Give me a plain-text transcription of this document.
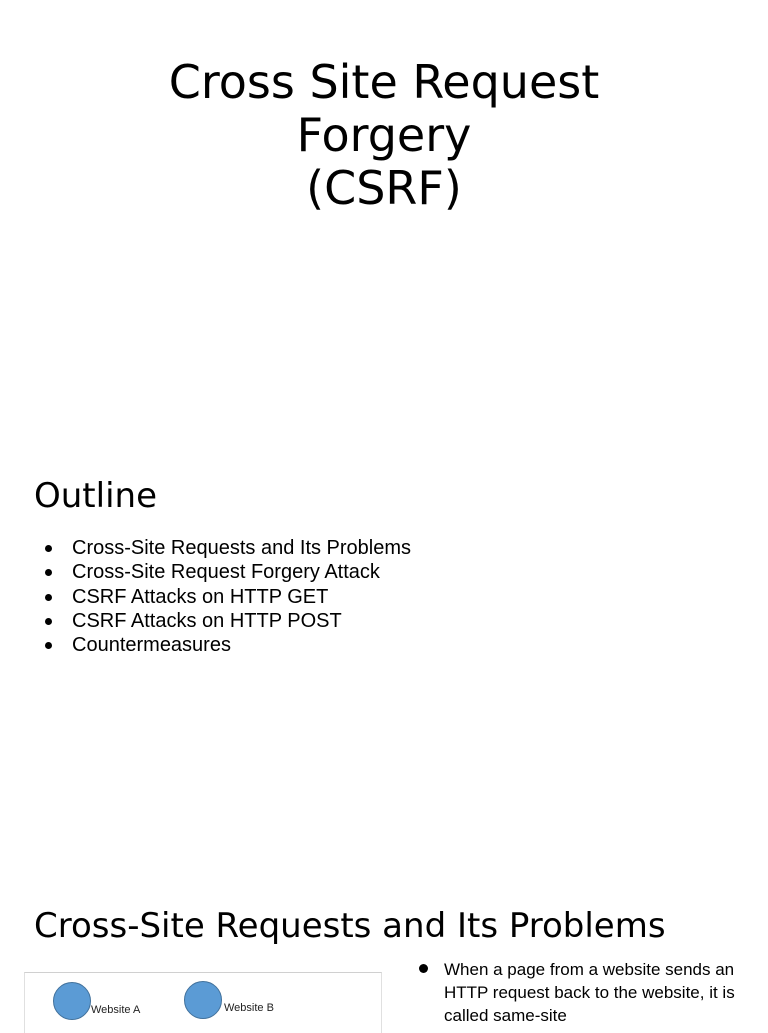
Cross Site Request
Forgery
(CSRF)
Outline
Cross-Site Requests and Its Problems
Cross-Site Request Forgery Attack
CSRF Attacks on HTTP GET
CSRF Attacks on HTTP POST
Countermeasures
Cross-Site Requests and Its Problems
Website A	Website B
When a page from a website sends an HTTP request back to the website, it is called same-site
